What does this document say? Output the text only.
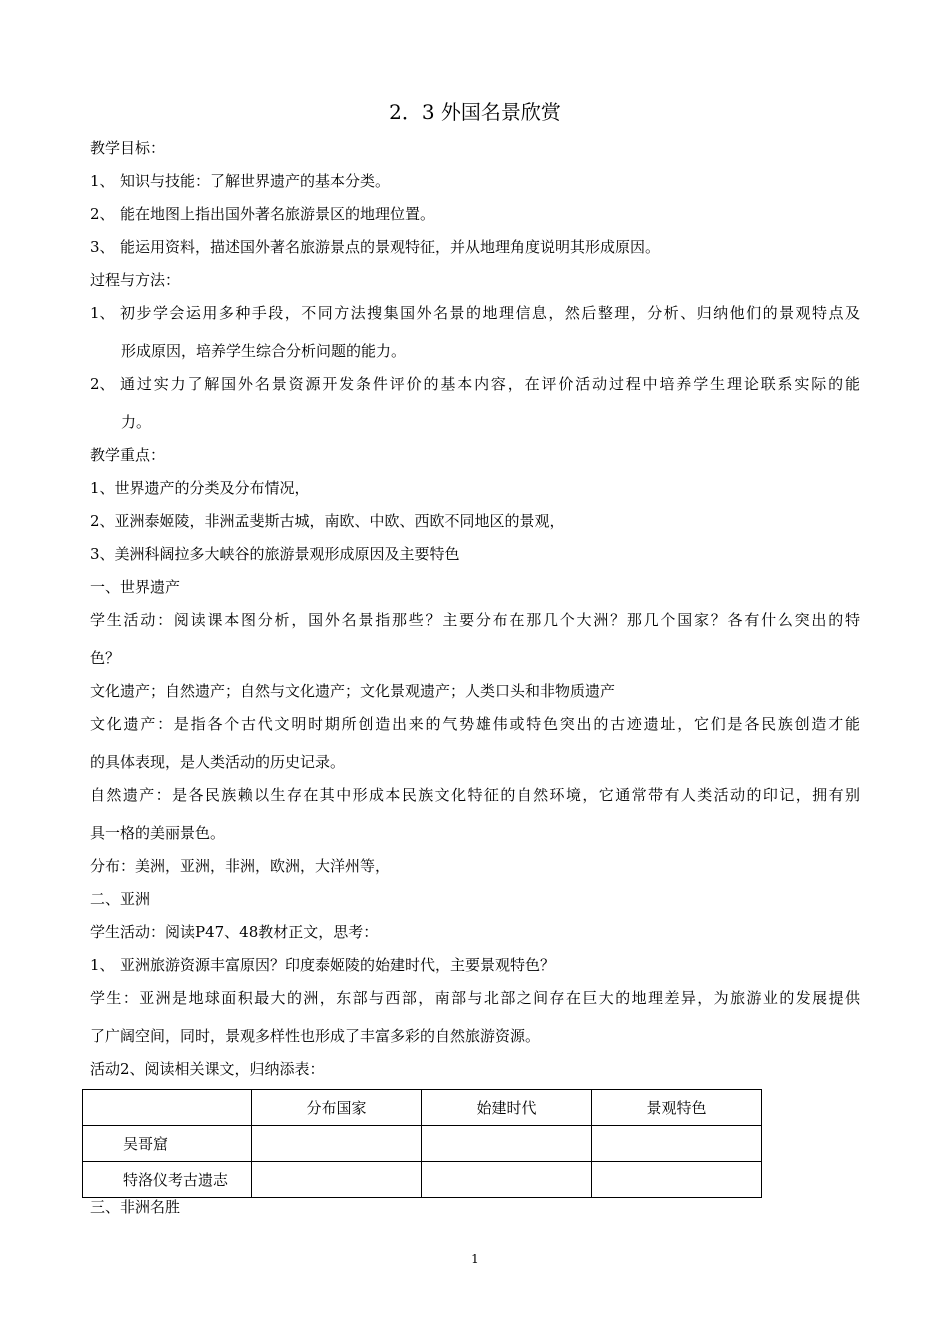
2．3 外国名景欣赏
教学目标：
1、 知识与技能：了解世界遗产的基本分类。
2、 能在地图上指出国外著名旅游景区的地理位置。
3、 能运用资料，描述国外著名旅游景点的景观特征，并从地理角度说明其形成原因。
过程与方法：
1、 初步学会运用多种手段，不同方法搜集国外名景的地理信息，然后整理，分析、归纳他们的景观特点及
形成原因，培养学生综合分析问题的能力。
2、 通过实力了解国外名景资源开发条件评价的基本内容，在评价活动过程中培养学生理论联系实际的能
力。
教学重点：
1、世界遗产的分类及分布情况，
2、亚洲泰姬陵，非洲孟斐斯古城，南欧、中欧、西欧不同地区的景观，
3、美洲科阔拉多大峡谷的旅游景观形成原因及主要特色
一、世界遗产
学生活动：阅读课本图分析，国外名景指那些？主要分布在那几个大洲？那几个国家？各有什么突出的特
色？
文化遗产；自然遗产；自然与文化遗产；文化景观遗产；人类口头和非物质遗产
文化遗产：是指各个古代文明时期所创造出来的气势雄伟或特色突出的古迹遗址，它们是各民族创造才能
的具体表现，是人类活动的历史记录。
自然遗产：是各民族赖以生存在其中形成本民族文化特征的自然环境，它通常带有人类活动的印记，拥有别
具一格的美丽景色。
分布：美洲，亚洲，非洲，欧洲，大洋州等，
二、亚洲
学生活动：阅读P47、48教材正文，思考：
1、 亚洲旅游资源丰富原因？印度泰姬陵的始建时代，主要景观特色？
学生：亚洲是地球面积最大的洲，东部与西部，南部与北部之间存在巨大的地理差异，为旅游业的发展提供
了广阔空间，同时，景观多样性也形成了丰富多彩的自然旅游资源。
活动2、阅读相关课文，归纳添表：
	分布国家	始建时代	景观特色
吴哥窟			
特洛仪考古遗志			
三、非洲名胜
1
